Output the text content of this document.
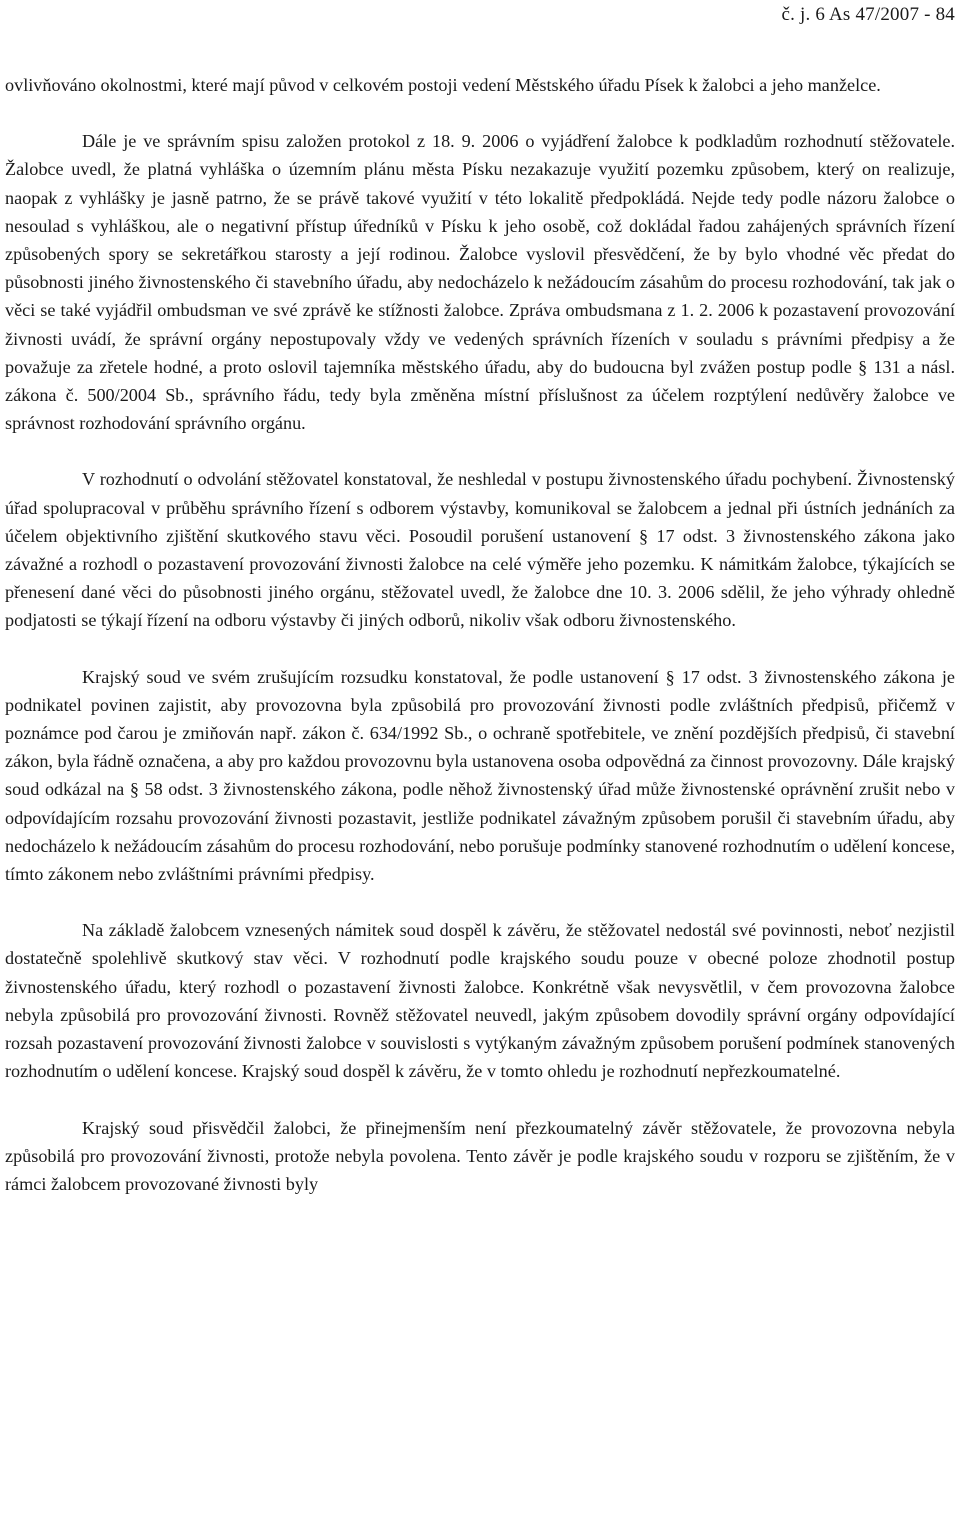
č. j. 6 As 47/2007 - 84

ovlivňováno okolnostmi, které mají původ v celkovém postoji vedení Městského úřadu Písek k žalobci a jeho manželce.

Dále je ve správním spisu založen protokol z 18. 9. 2006 o vyjádření žalobce k podkladům rozhodnutí stěžovatele. Žalobce uvedl, že platná vyhláška o územním plánu města Písku nezakazuje využití pozemku způsobem, který on realizuje, naopak z vyhlášky je jasně patrno, že se právě takové využití v této lokalitě předpokládá. Nejde tedy podle názoru žalobce o nesoulad s vyhláškou, ale o negativní přístup úředníků v Písku k jeho osobě, což dokládal řadou zahájených správních řízení způsobených spory se sekretářkou starosty a její rodinou. Žalobce vyslovil přesvědčení, že by bylo vhodné věc předat do působnosti jiného živnostenského či stavebního úřadu, aby nedocházelo k nežádoucím zásahům do procesu rozhodování, tak jak o věci se také vyjádřil ombudsman ve své zprávě ke stížnosti žalobce. Zpráva ombudsmana z 1. 2. 2006 k pozastavení provozování živnosti uvádí, že správní orgány nepostupovaly vždy ve vedených správních řízeních v souladu s právními předpisy a že považuje za zřetele hodné, a proto oslovil tajemníka městského úřadu, aby do budoucna byl zvážen postup podle § 131 a násl. zákona č. 500/2004 Sb., správního řádu, tedy byla změněna místní příslušnost za účelem rozptýlení nedůvěry žalobce ve správnost rozhodování správního orgánu.

V rozhodnutí o odvolání stěžovatel konstatoval, že neshledal v postupu živnostenského úřadu pochybení. Živnostenský úřad spolupracoval v průběhu správního řízení s odborem výstavby, komunikoval se žalobcem a jednal při ústních jednáních za účelem objektivního zjištění skutkového stavu věci. Posoudil porušení ustanovení § 17 odst. 3 živnostenského zákona jako závažné a rozhodl o pozastavení provozování živnosti žalobce na celé výměře jeho pozemku. K námitkám žalobce, týkajících se přenesení dané věci do působnosti jiného orgánu, stěžovatel uvedl, že žalobce dne 10. 3. 2006 sdělil, že jeho výhrady ohledně podjatosti se týkají řízení na odboru výstavby či jiných odborů, nikoliv však odboru živnostenského.

Krajský soud ve svém zrušujícím rozsudku konstatoval, že podle ustanovení § 17 odst. 3 živnostenského zákona je podnikatel povinen zajistit, aby provozovna byla způsobilá pro provozování živnosti podle zvláštních předpisů, přičemž v poznámce pod čarou je zmiňován např. zákon č. 634/1992 Sb., o ochraně spotřebitele, ve znění pozdějších předpisů, či stavební zákon, byla řádně označena, a aby pro každou provozovnu byla ustanovena osoba odpovědná za činnost provozovny. Dále krajský soud odkázal na § 58 odst. 3 živnostenského zákona, podle něhož živnostenský úřad může živnostenské oprávnění zrušit nebo v odpovídajícím rozsahu provozování živnosti pozastavit, jestliže podnikatel závažným způsobem porušil či stavebním úřadu, aby nedocházelo k nežádoucím zásahům do procesu rozhodování, nebo porušuje podmínky stanovené rozhodnutím o udělení koncese, tímto zákonem nebo zvláštními právními předpisy.

Na základě žalobcem vznesených námitek soud dospěl k závěru, že stěžovatel nedostál své povinnosti, neboť nezjistil dostatečně spolehlivě skutkový stav věci. V rozhodnutí podle krajského soudu pouze v obecné poloze zhodnotil postup živnostenského úřadu, který rozhodl o pozastavení živnosti žalobce. Konkrétně však nevysvětlil, v čem provozovna žalobce nebyla způsobilá pro provozování živnosti. Rovněž stěžovatel neuvedl, jakým způsobem dovodily správní orgány odpovídající rozsah pozastavení provozování živnosti žalobce v souvislosti s vytýkaným závažným způsobem porušení podmínek stanovených rozhodnutím o udělení koncese. Krajský soud dospěl k závěru, že v tomto ohledu je rozhodnutí nepřezkoumatelné.

Krajský soud přisvědčil žalobci, že přinejmenším není přezkoumatelný závěr stěžovatele, že provozovna nebyla způsobilá pro provozování živnosti, protože nebyla povolena. Tento závěr je podle krajského soudu v rozporu se zjištěním, že v rámci žalobcem provozované živnosti byly
